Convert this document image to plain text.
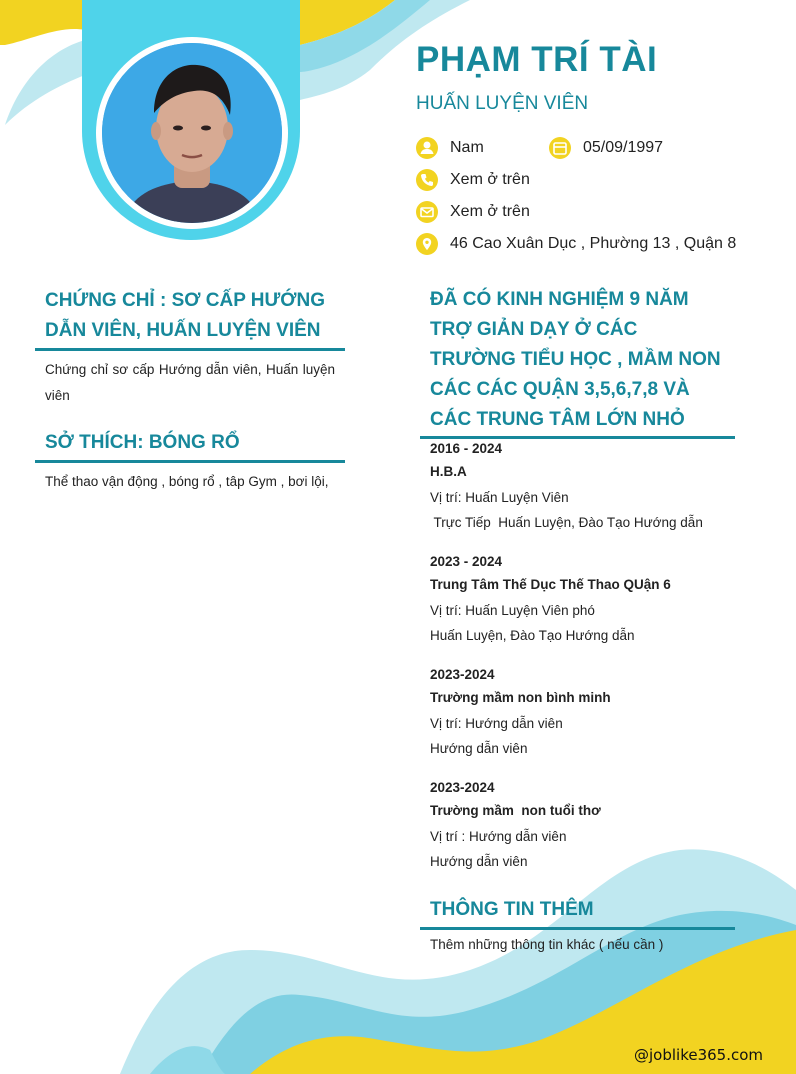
PHẠM TRÍ TÀI
HUẤN LUYỆN VIÊN
Nam	05/09/1997
Xem ở trên
Xem ở trên
46 Cao Xuân Dục , Phường 13 , Quận 8
CHỨNG CHỈ : SƠ CẤP HƯỚNG DẪN VIÊN, HUẤN LUYỆN VIÊN
Chứng chỉ sơ cấp Hướng dẫn viên, Huấn luyện viên
SỞ THÍCH: BÓNG RỔ
Thể thao vận động , bóng rổ , tâp Gym , bơi lội,
ĐÃ CÓ KINH NGHIỆM 9 NĂM TRỢ GIẢN DẠY Ở CÁC TRƯỜNG TIỂU HỌC , MẦM NON CÁC CÁC QUẬN 3,5,6,7,8 VÀ CÁC TRUNG TÂM LỚN NHỎ
2016 - 2024
H.B.A
Vị trí: Huấn Luyện Viên
Trực Tiếp  Huấn Luyện, Đào Tạo Hướng dẫn
2023 - 2024
Trung Tâm Thế Dục Thế Thao QUận 6
Vị trí: Huấn Luyện Viên phó
Huấn Luyện, Đào Tạo Hướng dẫn
2023-2024
Trường mầm non bình minh
Vị trí: Hướng dẫn viên
Hướng dẫn viên
2023-2024
Trường mầm  non tuổi thơ
Vị trí : Hướng dẫn viên
Hướng dẫn viên
THÔNG TIN THÊM
Thêm những thông tin khác ( nếu cần )
@joblike365.com
